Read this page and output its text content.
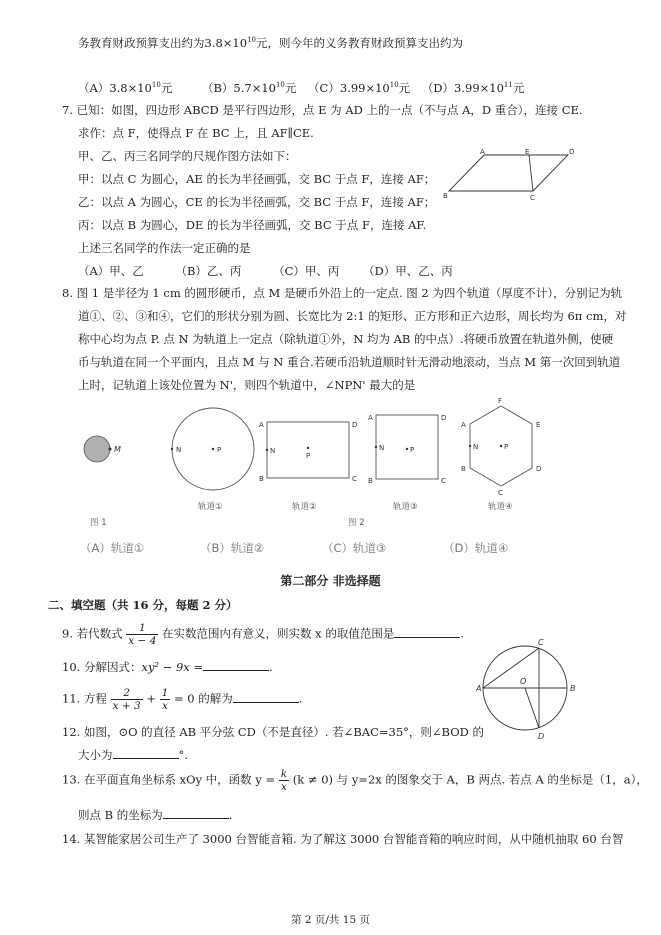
务教育财政预算支出约为$3.8\times 10^{10}$元，则今年的义务教育财政预算支出约为
$(A)3.8\times 10^{10}$元	$(B)5.7\times 10^{10}$元 $(C)3.99\times 10^{10}$元 $(D)3.99\times 10^{11}$元
7. 已知：如图，四边形 ABCD 是平行四边形，点 E 为 AD 上的一点（不与点 A，D 重合），连接 CE.
求作：点 F，使得点 F 在 BC 上，且 AF∥CE.
甲、乙、丙三名同学的尺规作图方法如下：
甲：以点 C 为圆心，AE 的长为半径画弧，交 BC 于点 F，连接 AF；
乙：以点 A 为圆心，CE 的长为半径画弧，交 BC 于点 F，连接 AF；
丙：以点 B 为圆心，DE 的长为半径画弧，交 BC 于点 F，连接 AF.
上述三名同学的作法一定正确的是
（A）甲、乙	（B）乙、丙	（C）甲、丙 （D）甲、乙、丙
A	E	D
B	C
8. 图 1 是半径为 1 cm 的圆形硬币，点 M 是硬币外沿上的一定点. 图 2 为四个轨道（厚度不计），分别记为轨
道①、②、③和④，它们的形状分别为圆、长宽比为 2:1 的矩形、正方形和正六边形，周长均为 6π cm，对
称中心均为点 P. 点 N 为轨道上一定点（除轨道①外，N 均为 AB 的中点）.将硬币放置在轨道外侧，使硬
币与轨道在同一个平面内，且点 M 与 N 重合.若硬币沿轨道顺时针无滑动地滚动，当点 M 第一次回到轨道
上时，记轨道上该处位置为 N'，则四个轨道中，∠NPN' 最大的是
M	N	P
A
B
D
C
N
P
A
B
D
C
N	P
F
E
D
C
A
B
N	P
轨道①	轨道②	轨道③	轨道④
图 1	图 2
（A）轨道①	（B）轨道②	（C）轨道③	（D）轨道④
第二部分 非选择题
二、填空题（共 16 分，每题 2 分）
9. 若代数式 $\frac{1}{x - 4}$ 在实数范围内有意义，则实数 x 的取值范围是	.
10. 分解因式：xy² − 9x =	.
11. 方程 $\frac{2}{x + 3} + \frac{1}{x} = 0$ 的解为	.
12. 如图，⊙O 的直径 AB 平分弦 CD（不是直径）. 若∠BAC=35°，则∠BOD 的
大小为	°.
A	B
C
D
O
13. 在平面直角坐标系 xOy 中，函数 $y = \frac{k}{x} (k \ne 0)$ 与 y=2x 的图象交于 A，B 两点. 若点 A 的坐标是（1，a），
则点 B 的坐标为	.
14. 某智能家居公司生产了 3000 台智能音箱. 为了解这 3000 台智能音箱的响应时间，从中随机抽取 60 台智
第 2 页/共 15 页
